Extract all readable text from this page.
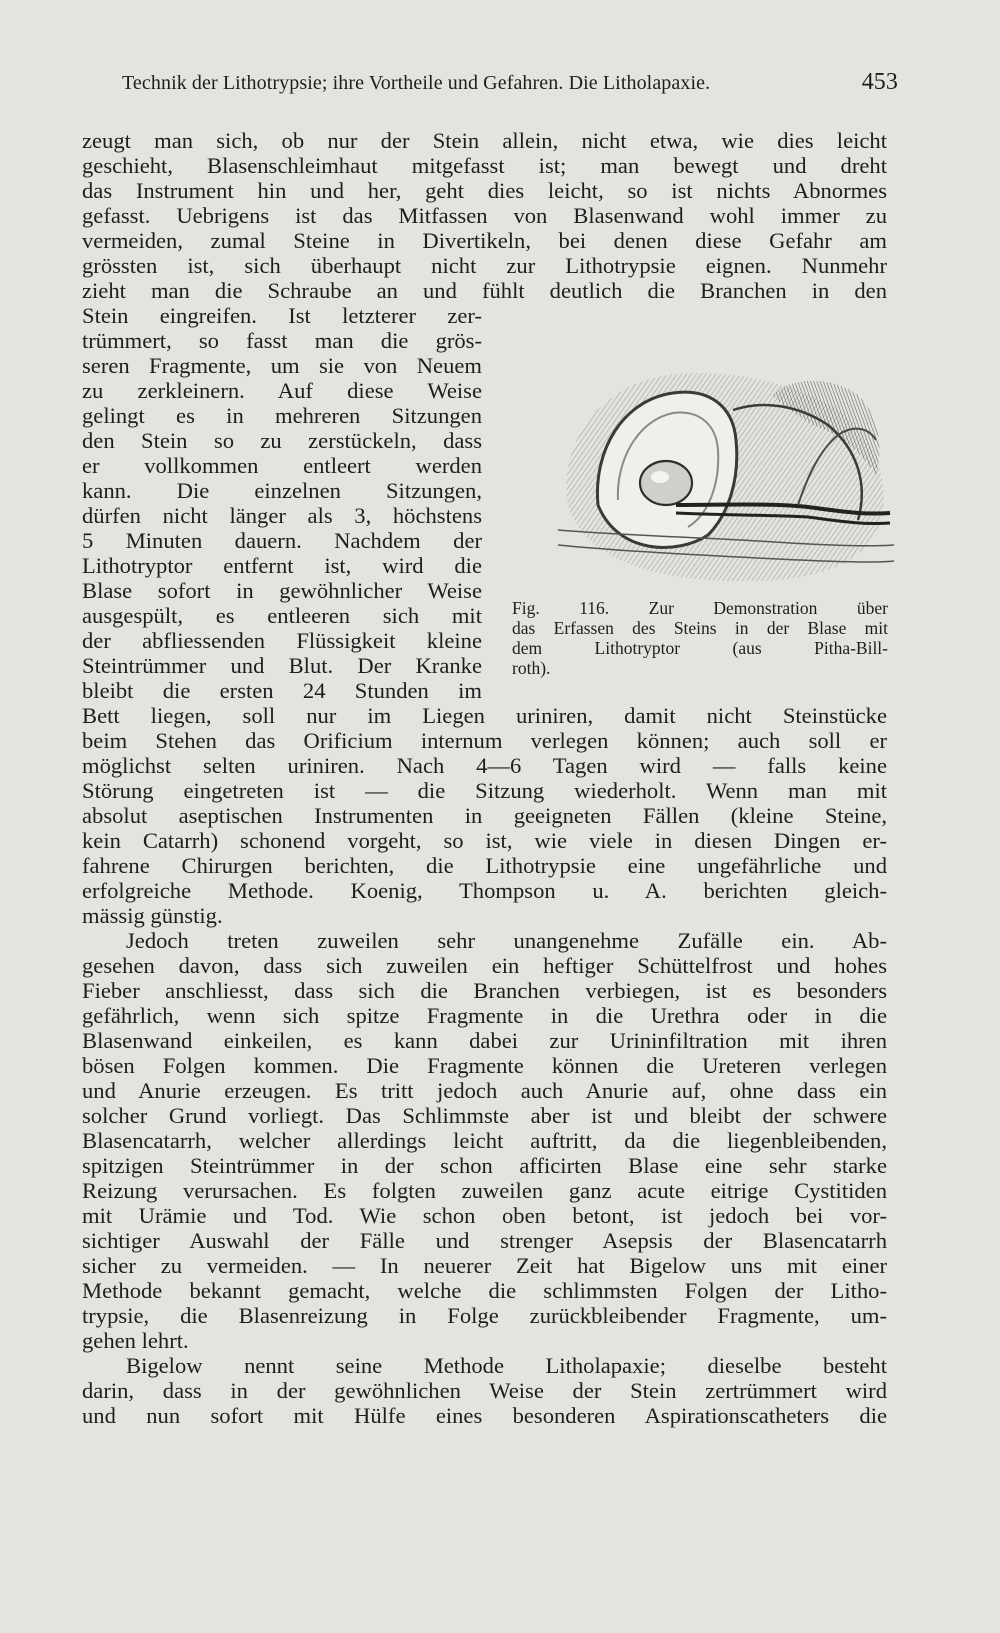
Technik der Lithotrypsie; ihre Vortheile und Gefahren. Die Litholapaxie.	453
zeugt man sich, ob nur der Stein allein, nicht etwa, wie dies leicht
geschieht, Blasenschleimhaut mitgefasst ist; man bewegt und dreht
das Instrument hin und her, geht dies leicht, so ist nichts Abnormes
gefasst. Uebrigens ist das Mitfassen von Blasenwand wohl immer zu
vermeiden, zumal Steine in Divertikeln, bei denen diese Gefahr am
grössten ist, sich überhaupt nicht zur Lithotrypsie eignen. Nunmehr
zieht man die Schraube an und fühlt deutlich die Branchen in den
Stein eingreifen. Ist letzterer zer-
trümmert, so fasst man die grös-
seren Fragmente, um sie von Neuem
zu zerkleinern. Auf diese Weise
gelingt es in mehreren Sitzungen
den Stein so zu zerstückeln, dass
er vollkommen entleert werden
kann. Die einzelnen Sitzungen,
dürfen nicht länger als 3, höchstens
5 Minuten dauern. Nachdem der
Lithotryptor entfernt ist, wird die
Blase sofort in gewöhnlicher Weise
ausgespült, es entleeren sich mit
der abfliessenden Flüssigkeit kleine
Steintrümmer und Blut. Der Kranke
bleibt die ersten 24 Stunden im
Bett liegen, soll nur im Liegen uriniren, damit nicht Steinstücke
beim Stehen das Orificium internum verlegen können; auch soll er
möglichst selten uriniren. Nach 4—6 Tagen wird — falls keine
Störung eingetreten ist — die Sitzung wiederholt. Wenn man mit
absolut aseptischen Instrumenten in geeigneten Fällen (kleine Steine,
kein Catarrh) schonend vorgeht, so ist, wie viele in diesen Dingen er-
fahrene Chirurgen berichten, die Lithotrypsie eine ungefährliche und
erfolgreiche Methode. Koenig, Thompson u. A. berichten gleich-
mässig günstig.
Jedoch treten zuweilen sehr unangenehme Zufälle ein. Ab-
gesehen davon, dass sich zuweilen ein heftiger Schüttelfrost und hohes
Fieber anschliesst, dass sich die Branchen verbiegen, ist es besonders
gefährlich, wenn sich spitze Fragmente in die Urethra oder in die
Blasenwand einkeilen, es kann dabei zur Urininfiltration mit ihren
bösen Folgen kommen. Die Fragmente können die Ureteren verlegen
und Anurie erzeugen. Es tritt jedoch auch Anurie auf, ohne dass ein
solcher Grund vorliegt. Das Schlimmste aber ist und bleibt der schwere
Blasencatarrh, welcher allerdings leicht auftritt, da die liegenbleibenden,
spitzigen Steintrümmer in der schon afficirten Blase eine sehr starke
Reizung verursachen. Es folgten zuweilen ganz acute eitrige Cystitiden
mit Urämie und Tod. Wie schon oben betont, ist jedoch bei vor-
sichtiger Auswahl der Fälle und strenger Asepsis der Blasencatarrh
sicher zu vermeiden. — In neuerer Zeit hat Bigelow uns mit einer
Methode bekannt gemacht, welche die schlimmsten Folgen der Litho-
trypsie, die Blasenreizung in Folge zurückbleibender Fragmente, um-
gehen lehrt.
Bigelow nennt seine Methode Litholapaxie; dieselbe besteht
darin, dass in der gewöhnlichen Weise der Stein zertrümmert wird
und nun sofort mit Hülfe eines besonderen Aspirationscatheters die
Fig. 116. Zur Demonstration über
das Erfassen des Steins in der Blase mit
dem Lithotryptor (aus Pitha-Bill-
roth).
